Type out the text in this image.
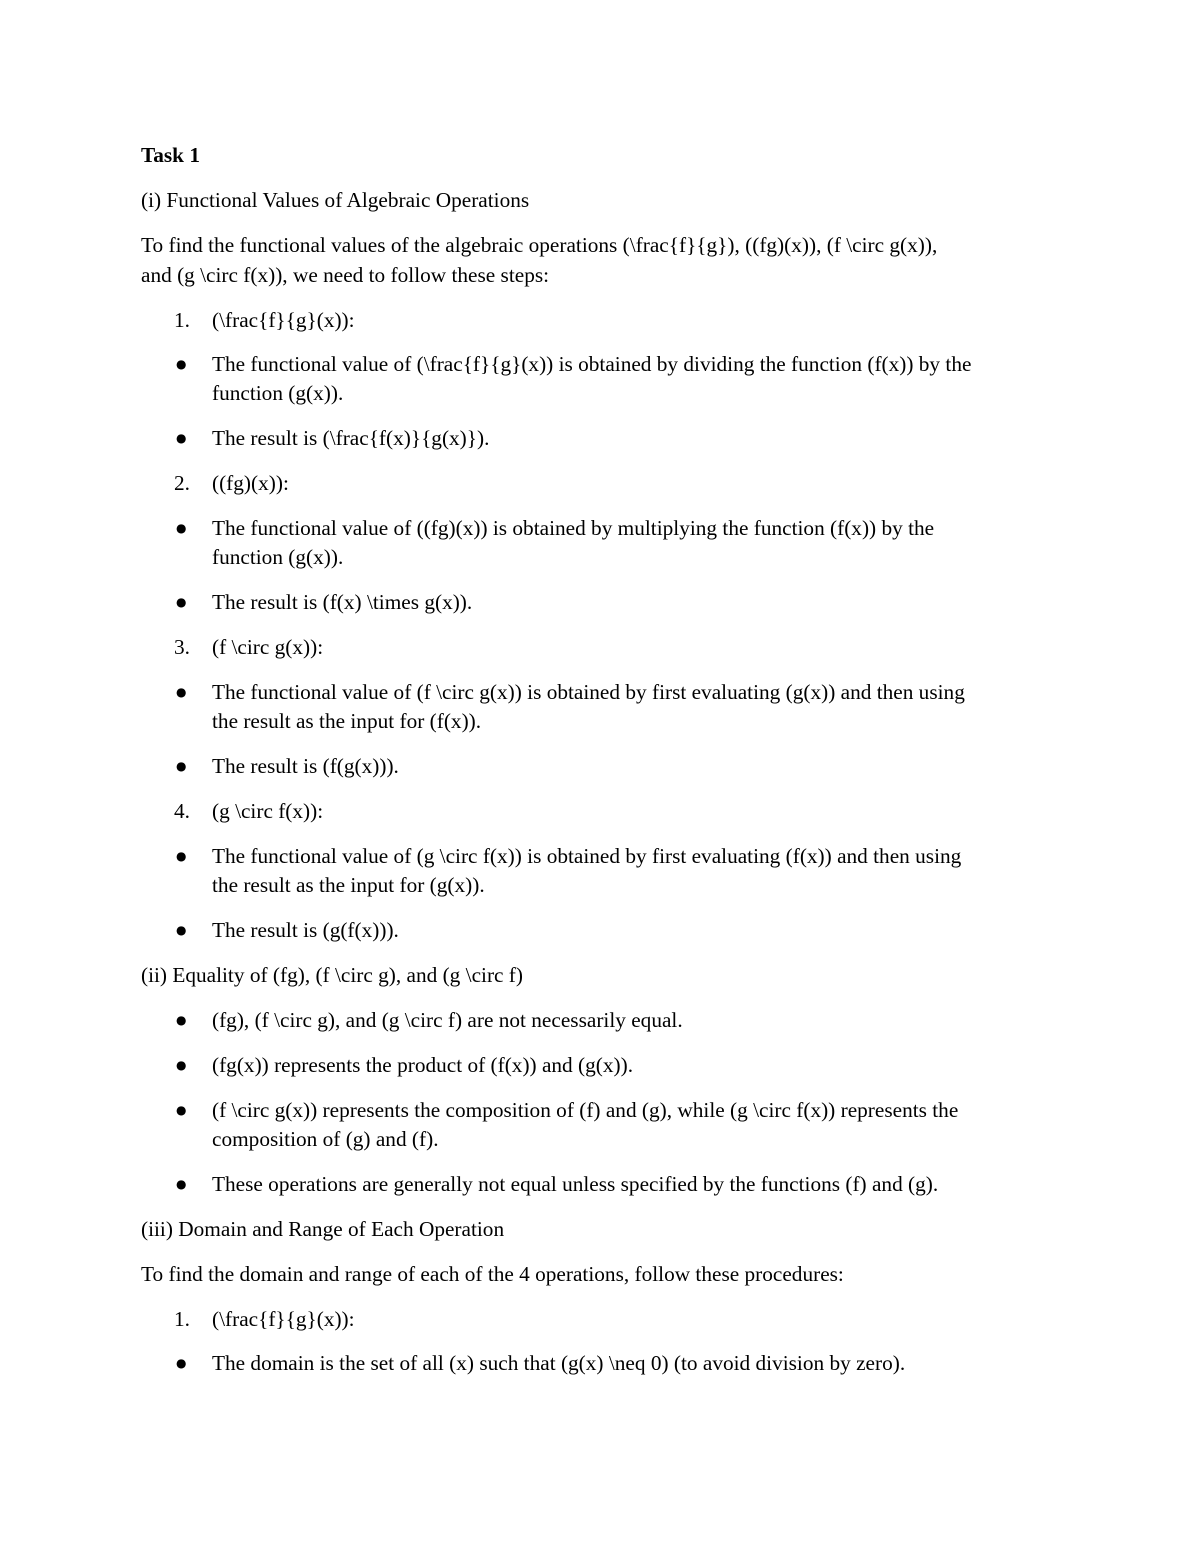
Task 1
(i) Functional Values of Algebraic Operations
To find the functional values of the algebraic operations (\frac{f}{g}), ((fg)(x)), (f \circ g(x)),
and (g \circ f(x)), we need to follow these steps:
1. (\frac{f}{g}(x)):
●
The functional value of (\frac{f}{g}(x)) is obtained by dividing the function (f(x)) by the
function (g(x)).
●
The result is (\frac{f(x)}{g(x)}).
2. ((fg)(x)):
●
The functional value of ((fg)(x)) is obtained by multiplying the function (f(x)) by the
function (g(x)).
●
The result is (f(x) \times g(x)).
3. (f \circ g(x)):
●
The functional value of (f \circ g(x)) is obtained by first evaluating (g(x)) and then using
the result as the input for (f(x)).
●
The result is (f(g(x))).
4. (g \circ f(x)):
●
The functional value of (g \circ f(x)) is obtained by first evaluating (f(x)) and then using
the result as the input for (g(x)).
●
The result is (g(f(x))).
(ii) Equality of (fg), (f \circ g), and (g \circ f)
●
(fg), (f \circ g), and (g \circ f) are not necessarily equal.
●
(fg(x)) represents the product of (f(x)) and (g(x)).
●
(f \circ g(x)) represents the composition of (f) and (g), while (g \circ f(x)) represents the
composition of (g) and (f).
●
These operations are generally not equal unless specified by the functions (f) and (g).
(iii) Domain and Range of Each Operation
To find the domain and range of each of the 4 operations, follow these procedures:
1. (\frac{f}{g}(x)):
●
The domain is the set of all (x) such that (g(x) \neq 0) (to avoid division by zero).
